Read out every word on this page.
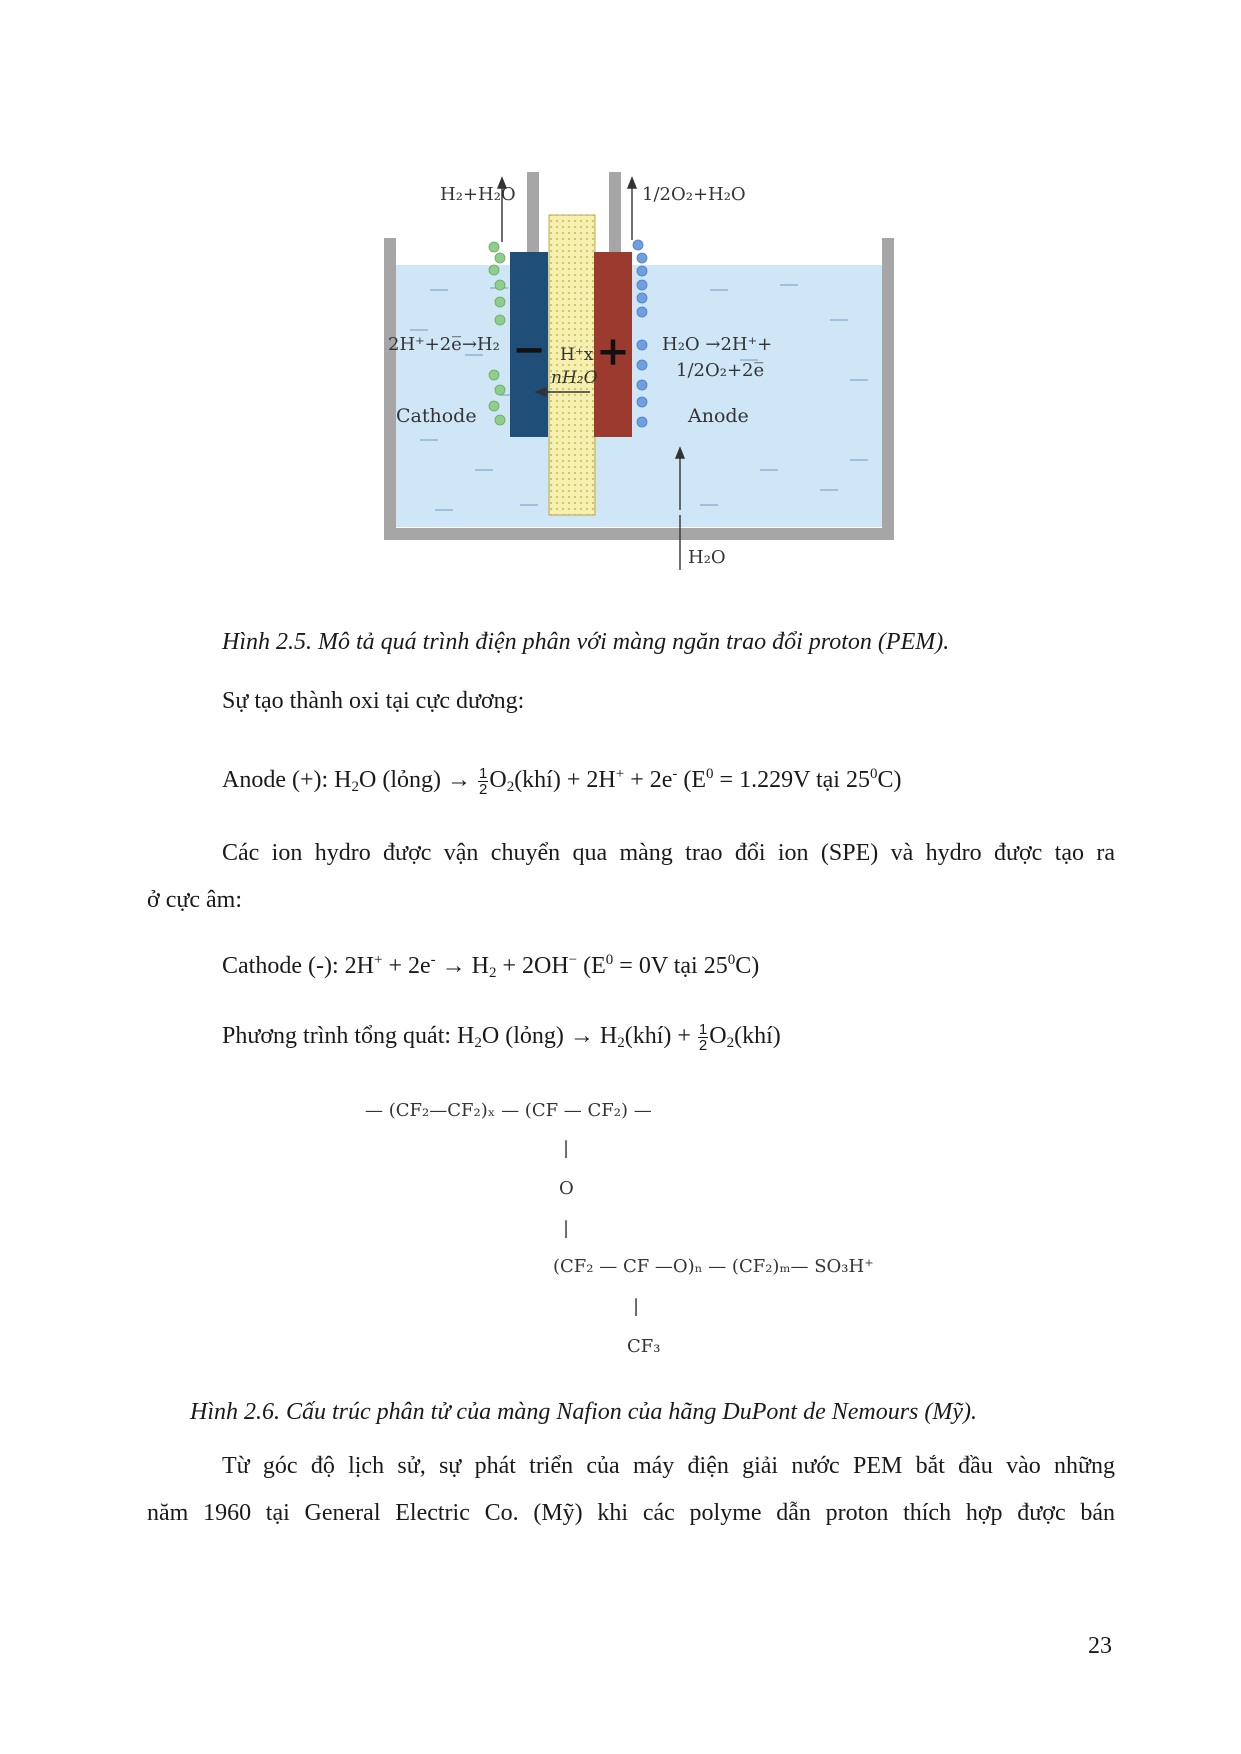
− +
H₂+H₂O	1/2O₂+H₂O
2H⁺+2e̅→H₂
Cathode
H⁺x
nH₂O
H₂O →2H⁺+
1/2O₂+2e̅
Anode
H₂O
Hình 2.5. Mô tả quá trình điện phân với màng ngăn trao đổi proton (PEM).
Sự tạo thành oxi tại cực dương:
Anode (+): $H_2O$ (lỏng) → $\frac{1}{2}$ $O_2(khí) + 2H^+ + 2e^-$ ($E^0 = 1.229V$ tại $25^0C$)
Các ion hydro được vận chuyển qua màng trao đổi ion (SPE) và hydro được tạo ra
ở cực âm:
Cathode (-): $2H^+ + 2e^- \to H_2 + 2OH^-$ ($E^0 = 0V$ tại $25^0C$)
Phương trình tổng quát: $H_2O$ (lỏng) → $H_2(khí) + \frac{1}{2}$ $O_2(khí)$
— (CF₂—CF₂)ₓ — (CF — CF₂) —
|
O
|
(CF₂ — CF —O)ₙ — (CF₂)ₘ— SO₃H⁺
|
CF₃
Hình 2.6. Cấu trúc phân tử của màng Nafion của hãng DuPont de Nemours (Mỹ).
Từ góc độ lịch sử, sự phát triển của máy điện giải nước PEM bắt đầu vào những
năm 1960 tại General Electric Co. (Mỹ) khi các polyme dẫn proton thích hợp được bán
23
